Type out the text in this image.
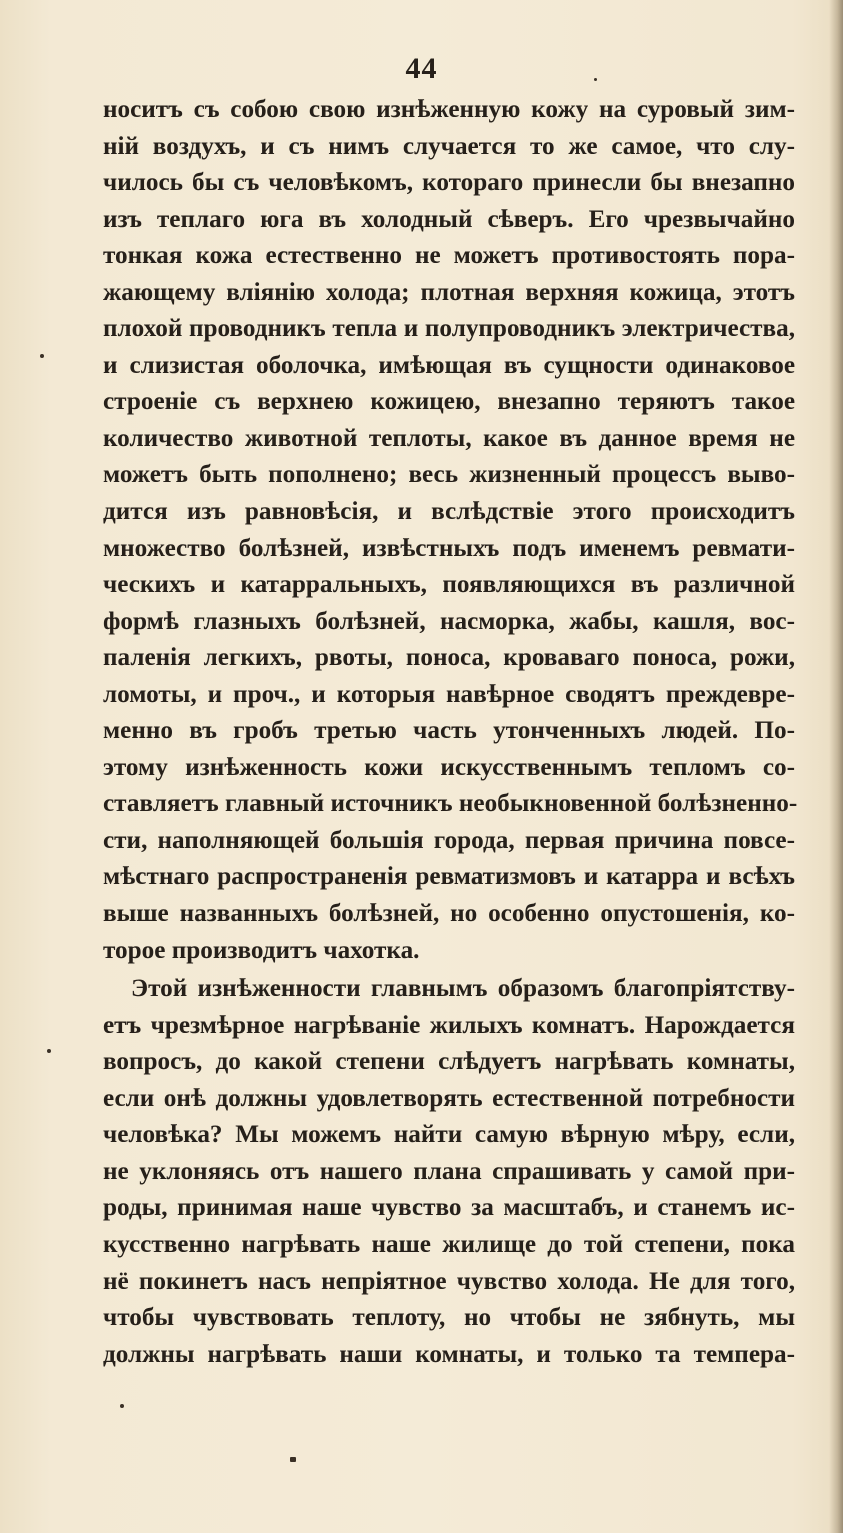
44
носитъ съ собою свою изнѣженную кожу на суровый зим-
ній воздухъ, и съ нимъ случается то же самое, что слу-
чилось бы съ человѣкомъ, котораго принесли бы внезапно
изъ теплаго юга въ холодный сѣверъ. Его чрезвычайно
тонкая кожа естественно не можетъ противостоять пора-
жающему вліянію холода; плотная верхняя кожица, этотъ
плохой проводникъ тепла и полупроводникъ электричества,
и слизистая оболочка, имѣющая въ сущности одинаковое
строеніе съ верхнею кожицею, внезапно теряютъ такое
количество животной теплоты, какое въ данное время не
можетъ быть пополнено; весь жизненный процессъ выво-
дится изъ равновѣсія, и вслѣдствіе этого происходитъ
множество болѣзней, извѣстныхъ подъ именемъ ревмати-
ческихъ и катарральныхъ, появляющихся въ различной
формѣ глазныхъ болѣзней, насморка, жабы, кашля, вос-
паленія легкихъ, рвоты, поноса, кроваваго поноса, рожи,
ломоты, и проч., и которыя навѣрное сводятъ преждевре-
менно въ гробъ третью часть утонченныхъ людей. По-
этому изнѣженность кожи искусственнымъ тепломъ со-
ставляетъ главный источникъ необыкновенной болѣзненно-
сти, наполняющей большія города, первая причина повсе-
мѣстнаго распространенія ревматизмовъ и катарра и всѣхъ
выше названныхъ болѣзней, но особенно опустошенія, ко-
торое производитъ чахотка.
Этой изнѣженности главнымъ образомъ благопріятству-
етъ чрезмѣрное нагрѣваніе жилыхъ комнатъ. Нарождается
вопросъ, до какой степени слѣдуетъ нагрѣвать комнаты,
если онѣ должны удовлетворять естественной потребности
человѣка? Мы можемъ найти самую вѣрную мѣру, если,
не уклоняясь отъ нашего плана спрашивать у самой при-
роды, принимая наше чувство за масштабъ, и станемъ ис-
кусственно нагрѣвать наше жилище до той степени, пока
нё покинетъ насъ непріятное чувство холода. Не для того,
чтобы чувствовать теплоту, но чтобы не зябнуть, мы
должны нагрѣвать наши комнаты, и только та темпера-
